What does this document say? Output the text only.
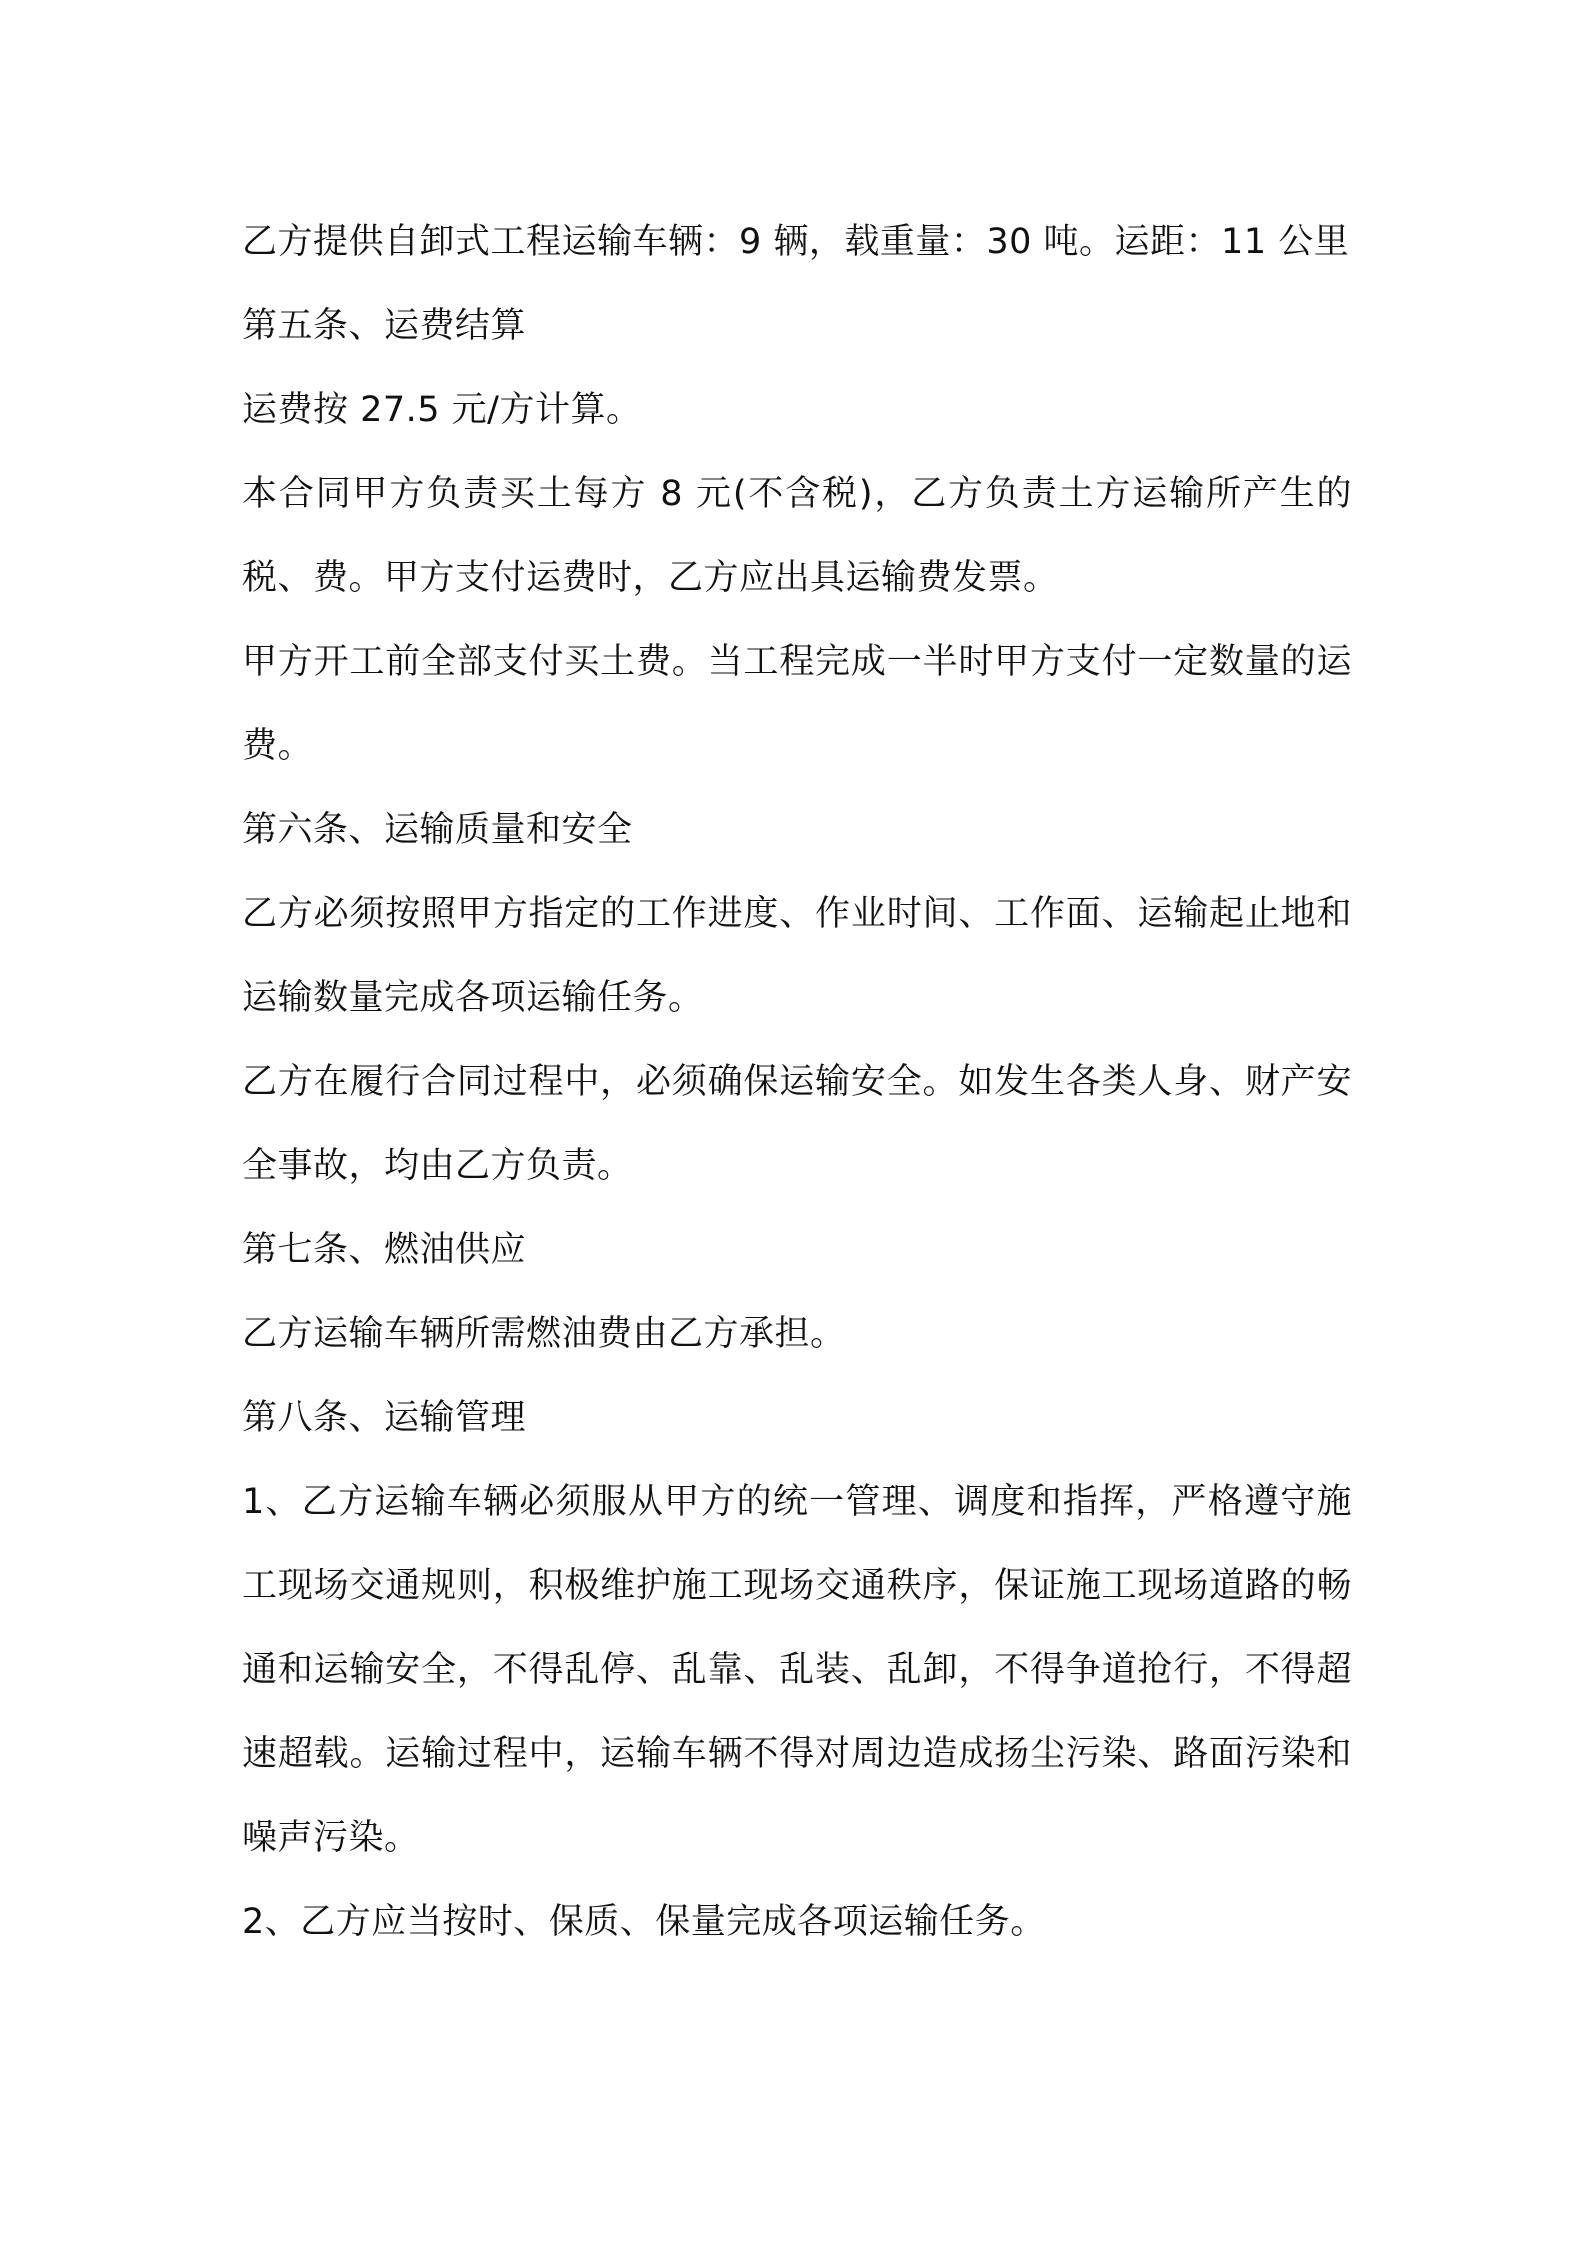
乙方提供自卸式工程运输车辆：9 辆，载重量：30 吨。运距：11 公里

第五条、运费结算

运费按 27.5 元/方计算。

本合同甲方负责买土每方 8 元(不含税)，乙方负责土方运输所产生的税、费。甲方支付运费时，乙方应出具运输费发票。

甲方开工前全部支付买土费。当工程完成一半时甲方支付一定数量的运费。

第六条、运输质量和安全

乙方必须按照甲方指定的工作进度、作业时间、工作面、运输起止地和运输数量完成各项运输任务。

乙方在履行合同过程中，必须确保运输安全。如发生各类人身、财产安全事故，均由乙方负责。

第七条、燃油供应

乙方运输车辆所需燃油费由乙方承担。

第八条、运输管理

1、乙方运输车辆必须服从甲方的统一管理、调度和指挥，严格遵守施工现场交通规则，积极维护施工现场交通秩序，保证施工现场道路的畅通和运输安全，不得乱停、乱靠、乱装、乱卸，不得争道抢行，不得超速超载。运输过程中，运输车辆不得对周边造成扬尘污染、路面污染和噪声污染。

2、乙方应当按时、保质、保量完成各项运输任务。
